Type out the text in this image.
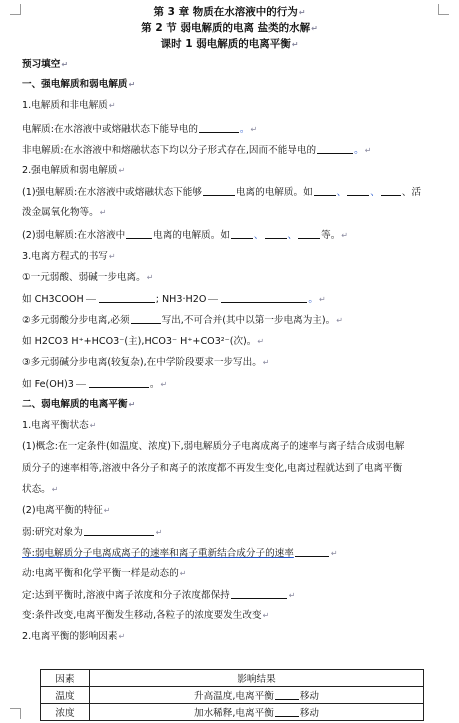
第 3 章 物质在水溶液中的行为↵
第 2 节 弱电解质的电离 盐类的水解↵
课时 1 弱电解质的电离平衡↵
预习填空↵
一、强电解质和弱电解质↵
1.电解质和非电解质↵
电解质:在水溶液中或熔融状态下能导电的	。↵
非电解质:在水溶液中和熔融状态下均以分子形式存在,因而不能导电的	。↵
2.强电解质和弱电解质↵
(1)强电解质:在水溶液中或熔融状态下能够	电离的电解质。如	、	、 、活
泼金属氧化物等。↵
(2)弱电解质:在水溶液中	电离的电解质。如	、	、	等。↵
3.电离方程式的书写↵
①一元弱酸、弱碱一步电离。↵
如 CH3COOH	; NH3·H2O	。↵
②多元弱酸分步电离,必须	写出,不可合并(其中以第一步电离为主)。↵
如 H2CO3 H⁺+HCO3⁻(主),HCO3⁻ H⁺+CO3²⁻(次)。↵
③多元弱碱分步电离(较复杂),在中学阶段要求一步写出。↵
如 Fe(OH)3	。↵
二、弱电解质的电离平衡↵
1.电离平衡状态↵
(1)概念:在一定条件(如温度、浓度)下,弱电解质分子电离成离子的速率与离子结合成弱电解
质分子的速率相等,溶液中各分子和离子的浓度都不再发生变化,电离过程就达到了电离平衡
状态。↵
(2)电离平衡的特征↵
弱:研究对象为	↵
等:弱电解质分子电离成离子的速率和离子重新结合成分子的速率	↵
动:电离平衡和化学平衡一样是动态的↵
定:达到平衡时,溶液中离子浓度和分子浓度都保持	↵
变:条件改变,电离平衡发生移动,各粒子的浓度要发生改变↵
2.电离平衡的影响因素↵
因素	影响结果
温度	升高温度,电离平衡 移动
浓度	加水稀释,电离平衡 移动
